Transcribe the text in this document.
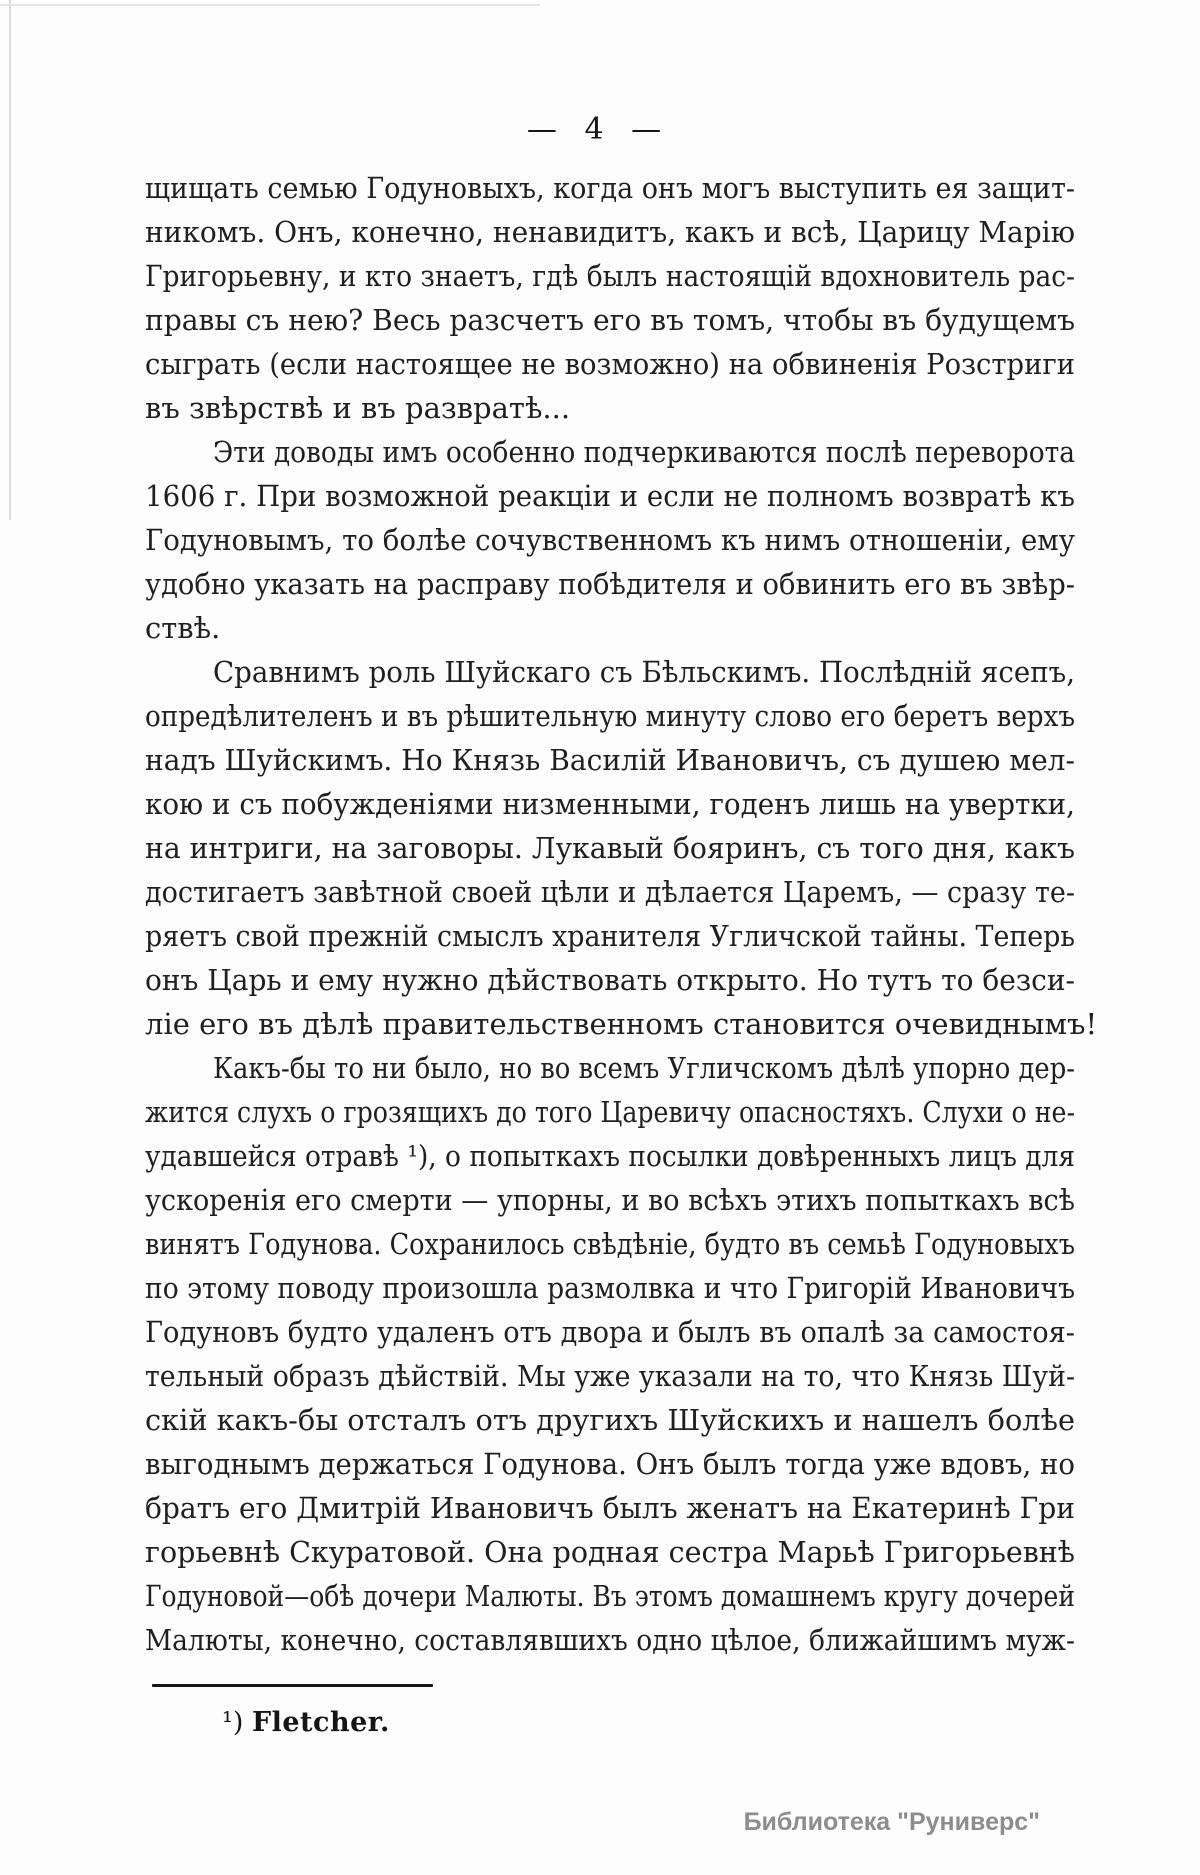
— 4 —
щищать семью Годуновыхъ, когда онъ могъ выступить ея защит-
никомъ. Онъ, конечно, ненавидитъ, какъ и всѣ, Царицу Марію
Григорьевну, и кто знаетъ, гдѣ былъ настоящій вдохновитель рас-
правы съ нею? Весь разсчетъ его въ томъ, чтобы въ будущемъ
сыграть (если настоящее не возможно) на обвиненія Розстриги
въ звѣрствѣ и въ развратѣ...
Эти доводы имъ особенно подчеркиваются послѣ переворота
1606 г. При возможной реакціи и если не полномъ возвратѣ къ
Годуновымъ, то болѣе сочувственномъ къ нимъ отношеніи, ему
удобно указать на расправу побѣдителя и обвинить его въ звѣр-
ствѣ.
Сравнимъ роль Шуйскаго съ Бѣльскимъ. Послѣдній ясепъ,
опредѣлителенъ и въ рѣшительную минуту слово его беретъ верхъ
надъ Шуйскимъ. Но Князь Василій Ивановичъ, съ душею мел-
кою и съ побужденіями низменными, годенъ лишь на увертки,
на интриги, на заговоры. Лукавый бояринъ, съ того дня, какъ
достигаетъ завѣтной своей цѣли и дѣлается Царемъ, — сразу те-
ряетъ свой прежній смыслъ хранителя Угличской тайны. Теперь
онъ Царь и ему нужно дѣйствовать открыто. Но тутъ то безси-
ліе его въ дѣлѣ правительственномъ становится очевиднымъ!
Какъ-бы то ни было, но во всемъ Угличскомъ дѣлѣ упорно дер-
жится слухъ о грозящихъ до того Царевичу опасностяхъ. Слухи о не-
удавшейся отравѣ ¹), о попыткахъ посылки довѣренныхъ лицъ для
ускоренія его смерти — упорны, и во всѣхъ этихъ попыткахъ всѣ
винятъ Годунова. Сохранилось свѣдѣніе, будто въ семьѣ Годуновыхъ
по этому поводу произошла размолвка и что Григорій Ивановичъ
Годуновъ будто удаленъ отъ двора и былъ въ опалѣ за самостоя-
тельный образъ дѣйствій. Мы уже указали на то, что Князь Шуй-
скій какъ-бы отсталъ отъ другихъ Шуйскихъ и нашелъ болѣе
выгоднымъ держаться Годунова. Онъ былъ тогда уже вдовъ, но
братъ его Дмитрій Ивановичъ былъ женатъ на Екатеринѣ Гри
горьевнѣ Скуратовой. Она родная сестра Марьѣ Григорьевнѣ
Годуновой—обѣ дочери Малюты. Въ этомъ домашнемъ кругу дочерей
Малюты, конечно, составлявшихъ одно цѣлое, ближайшимъ муж-
¹) Fletcher.
Библиотека "Руниверс"
